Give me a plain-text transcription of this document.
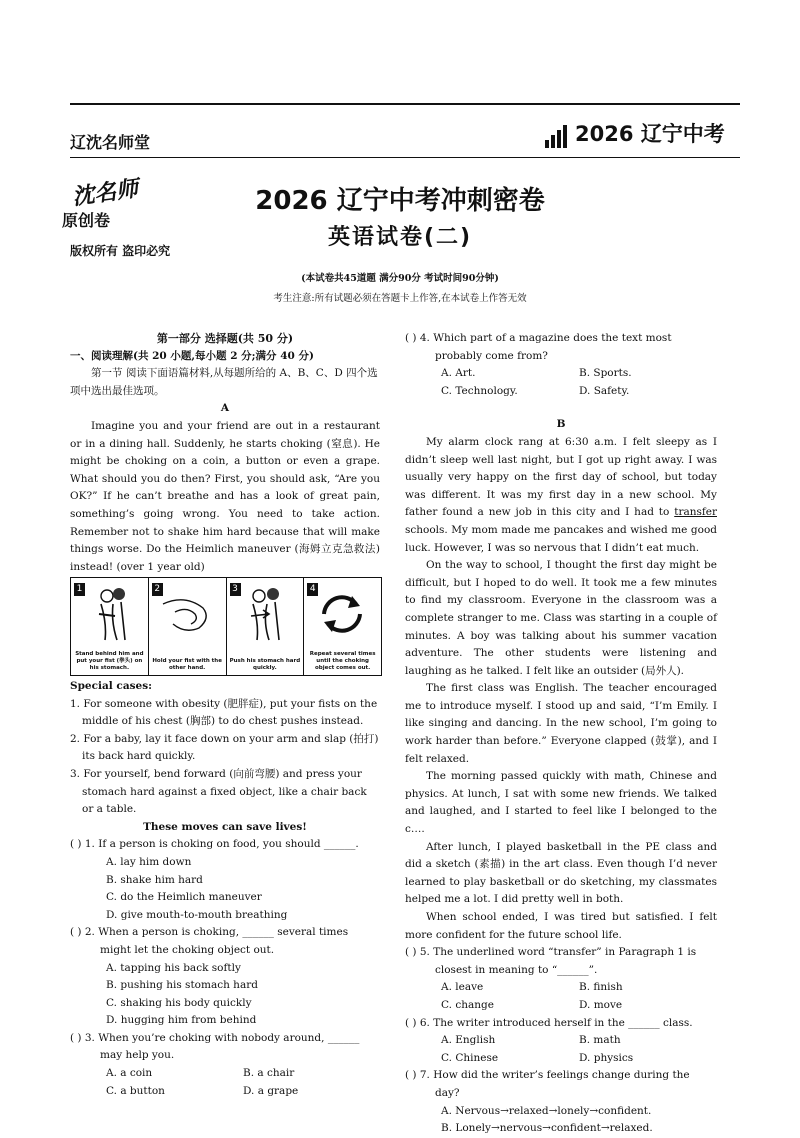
辽沈名师堂	2026 辽宁中考
沈名师
原创卷
版权所有 盗印必究
2026 辽宁中考冲刺密卷
英语试卷(二)
(本试卷共45道题 满分90分 考试时间90分钟)
考生注意:所有试题必须在答题卡上作答,在本试卷上作答无效

第一部分 选择题(共 50 分)

一、阅读理解(共 20 小题,每小题 2 分;满分 40 分)

第一节 阅读下面语篇材料,从每题所给的 A、B、C、D 四个选项中选出最佳选项。

A

Imagine you and your friend are out in a restaurant or in a dining hall. Suddenly, he starts choking (窒息). He might be choking on a coin, a button or even a grape. What should you do then? First, you should ask, “Are you OK?” If he can’t breathe and has a look of great pain, something’s going wrong. You need to take action. Remember not to shake him hard because that will make things worse. Do the Heimlich maneuver (海姆立克急救法) instead! (over 1 year old)

1
Stand behind him and put your fist (拳头) on his stomach.
2
Hold your fist with the other hand.
3
Push his stomach hard quickly.
4
Repeat several times until the choking object comes out.

Special cases:

1. For someone with obesity (肥胖症), put your fists on the middle of his chest (胸部) to do chest pushes instead.

2. For a baby, lay it face down on your arm and slap (拍打) its back hard quickly.

3. For yourself, bend forward (向前弯腰) and press your stomach hard against a fixed object, like a chair back or a table.

These moves can save lives!

( ) 1. If a person is choking on food, you should ______.

A. lay him down

B. shake him hard

C. do the Heimlich maneuver

D. give mouth-to-mouth breathing

( ) 2. When a person is choking, ______ several times might let the choking object out.

A. tapping his back softly

B. pushing his stomach hard

C. shaking his body quickly

D. hugging him from behind

( ) 3. When you’re choking with nobody around, ______ may help you.

A. a coin	B. a chair
C. a button	D. a grape

( ) 4. Which part of a magazine does the text most probably come from?

A. Art.	B. Sports.
C. Technology.	D. Safety.

B

My alarm clock rang at 6:30 a.m. I felt sleepy as I didn’t sleep well last night, but I got up right away. I was usually very happy on the first day of school, but today was different. It was my first day in a new school. My father found a new job in this city and I had to transfer schools. My mom made me pancakes and wished me good luck. However, I was so nervous that I didn’t eat much.

On the way to school, I thought the first day might be difficult, but I hoped to do well. It took me a few minutes to find my classroom. Everyone in the classroom was a complete stranger to me. Class was starting in a couple of minutes. A boy was talking about his summer vacation adventure. The other students were listening and laughing as he talked. I felt like an outsider (局外人).

The first class was English. The teacher encouraged me to introduce myself. I stood up and said, “I’m Emily. I like singing and dancing. In the new school, I’m going to work harder than before.” Everyone clapped (鼓掌), and I felt relaxed.

The morning passed quickly with math, Chinese and physics. At lunch, I sat with some new friends. We talked and laughed, and I started to feel like I belonged to the c….

After lunch, I played basketball in the PE class and did a sketch (素描) in the art class. Even though I’d never learned to play basketball or do sketching, my classmates helped me a lot. I did pretty well in both.

When school ended, I was tired but satisfied. I felt more confident for the future school life.

( ) 5. The underlined word “transfer” in Paragraph 1 is closest in meaning to “______”.

A. leave	B. finish
C. change	D. move

( ) 6. The writer introduced herself in the ______ class.

A. English	B. math
C. Chinese	D. physics

( ) 7. How did the writer’s feelings change during the day?

A. Nervous→relaxed→lonely→confident.

B. Lonely→nervous→confident→relaxed.
